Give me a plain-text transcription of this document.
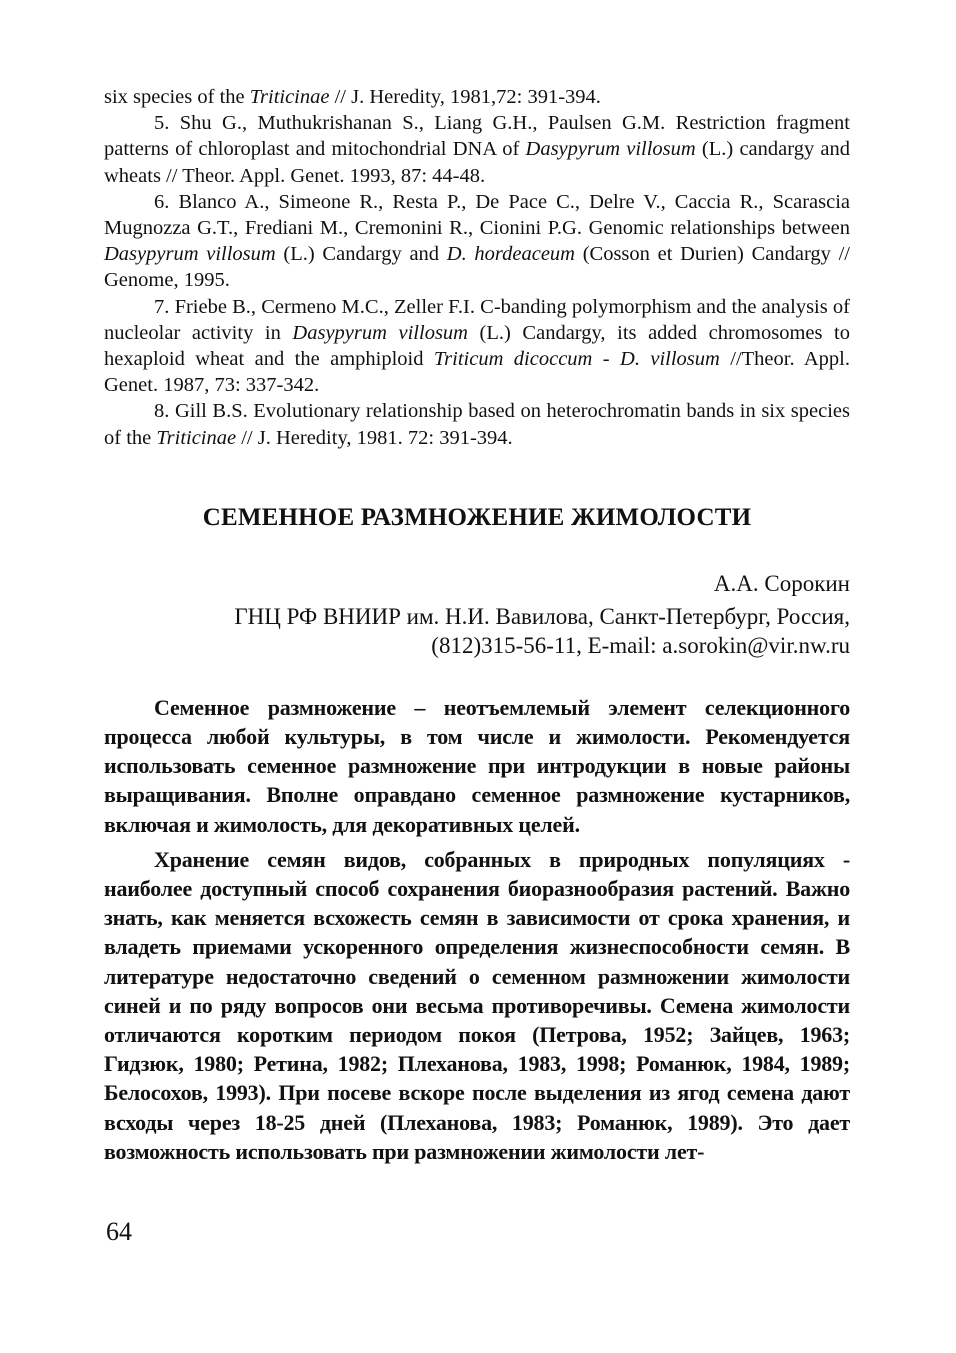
six species of the Triticinae // J. Heredity, 1981,72: 391-394.

5. Shu G., Muthukrishanan S., Liang G.H., Paulsen G.M. Restriction fragment patterns of chloroplast and mitochondrial DNA of Dasypyrum villosum (L.) candargy and wheats // Theor. Appl. Genet. 1993, 87: 44-48.

6. Blanco A., Simeone R., Resta P., De Pace C., Delre V., Caccia R., Scarascia Mugnozza G.T., Frediani M., Cremonini R., Cionini P.G. Genomic relationships between Dasypyrum villosum (L.) Candargy and D. hordeaceum (Cosson et Durien) Candargy // Genome, 1995.

7. Friebe B., Cermeno M.C., Zeller F.I. C-banding polymorphism and the analysis of nucleolar activity in Dasypyrum villosum (L.) Candargy, its added chromosomes to hexaploid wheat and the amphiploid Triticum dicoccum - D. villosum //Theor. Appl. Genet. 1987, 73: 337-342.

8. Gill B.S. Evolutionary relationship based on heterochromatin bands in six species of the Triticinae // J. Heredity, 1981. 72: 391-394.

СЕМЕННОЕ РАЗМНОЖЕНИЕ ЖИМОЛОСТИ

А.А. Сорокин

ГНЦ РФ ВНИИР им. Н.И. Вавилова, Санкт-Петербург, Россия,
(812)315-56-11, E-mail: a.sorokin@vir.nw.ru

Семенное размножение – неотъемлемый элемент селекционного процесса любой культуры, в том числе и жимолости. Рекомендуется использовать семенное размножение при интродукции в новые районы выращивания. Вполне оправдано семенное размножение кустарников, включая и жимолость, для декоративных целей.

Хранение семян видов, собранных в природных популяциях - наиболее доступный способ сохранения биоразнообразия растений. Важно знать, как меняется всхожесть семян в зависимости от срока хранения, и владеть приемами ускоренного определения жизнеспособности семян. В литературе недостаточно сведений о семенном размножении жимолости синей и по ряду вопросов они весьма противоречивы. Семена жимолости отличаются коротким периодом покоя (Петрова, 1952; Зайцев, 1963; Гидзюк, 1980; Ретина, 1982; Плеханова, 1983, 1998; Романюк, 1984, 1989; Белосохов, 1993). При посеве вскоре после выделения из ягод семена дают всходы через 18-25 дней (Плеханова, 1983; Романюк, 1989). Это дает возможность использовать при размножении жимолости лет-

64
